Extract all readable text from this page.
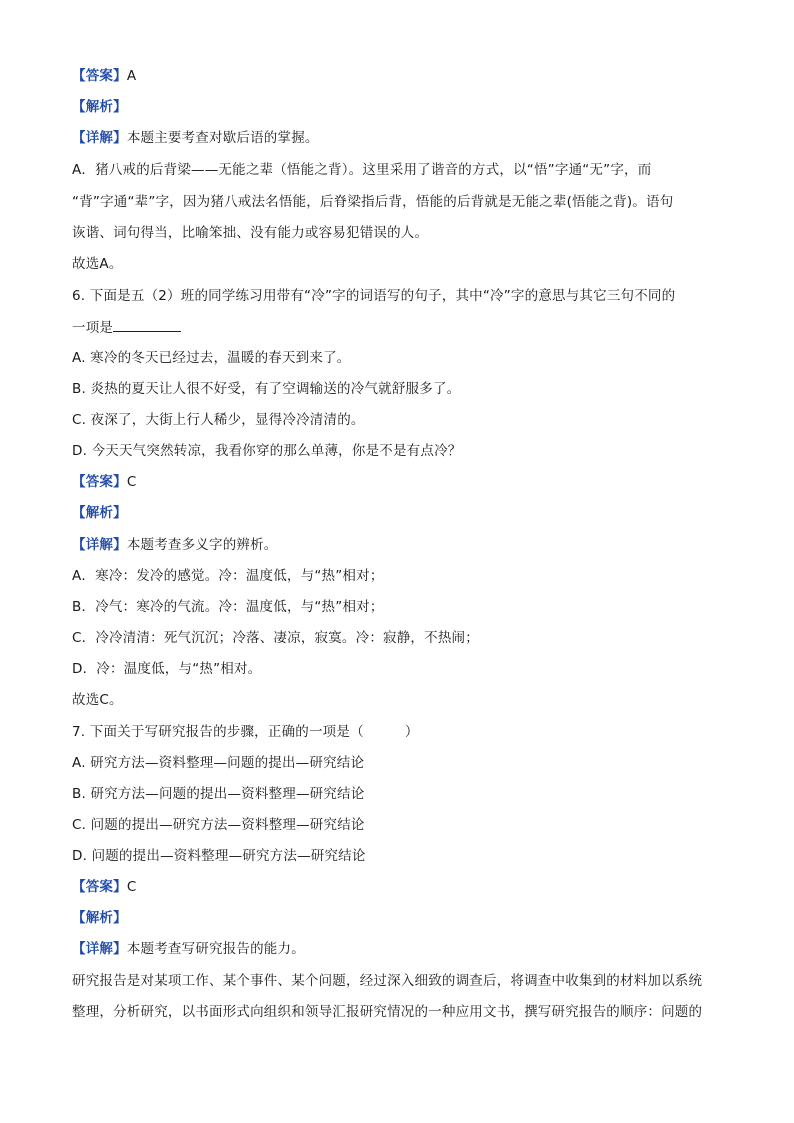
【答案】A
【解析】
【详解】本题主要考查对歇后语的掌握。
A．猪八戒的后背梁——无能之辈（悟能之背）。这里采用了谐音的方式，以“悟”字通“无”字，而
“背”字通“辈”字，因为猪八戒法名悟能，后脊梁指后背，悟能的后背就是无能之辈(悟能之背)。语句
诙谐、词句得当，比喻笨拙、没有能力或容易犯错误的人。
故选A。
6. 下面是五（2）班的同学练习用带有“冷”字的词语写的句子，其中“冷”字的意思与其它三句不同的
一项是
A. 寒冷的冬天已经过去，温暖的春天到来了。
B. 炎热的夏天让人很不好受，有了空调输送的冷气就舒服多了。
C. 夜深了，大街上行人稀少，显得冷冷清清的。
D. 今天天气突然转凉，我看你穿的那么单薄，你是不是有点冷？
【答案】C
【解析】
【详解】本题考查多义字的辨析。
A．寒冷：发冷的感觉。冷：温度低，与“热”相对；
B．冷气：寒冷的气流。冷：温度低，与“热”相对；
C．冷冷清清：死气沉沉；冷落、凄凉，寂寞。冷：寂静，不热闹；
D．冷：温度低，与“热”相对。
故选C。
7. 下面关于写研究报告的步骤，正确的一项是（　　　）
A. 研究方法—资料整理—问题的提出—研究结论
B. 研究方法—问题的提出—资料整理—研究结论
C. 问题的提出—研究方法—资料整理—研究结论
D. 问题的提出—资料整理—研究方法—研究结论
【答案】C
【解析】
【详解】本题考查写研究报告的能力。
研究报告是对某项工作、某个事件、某个问题，经过深入细致的调查后，将调查中收集到的材料加以系统
整理，分析研究，以书面形式向组织和领导汇报研究情况的一种应用文书，撰写研究报告的顺序：问题的
